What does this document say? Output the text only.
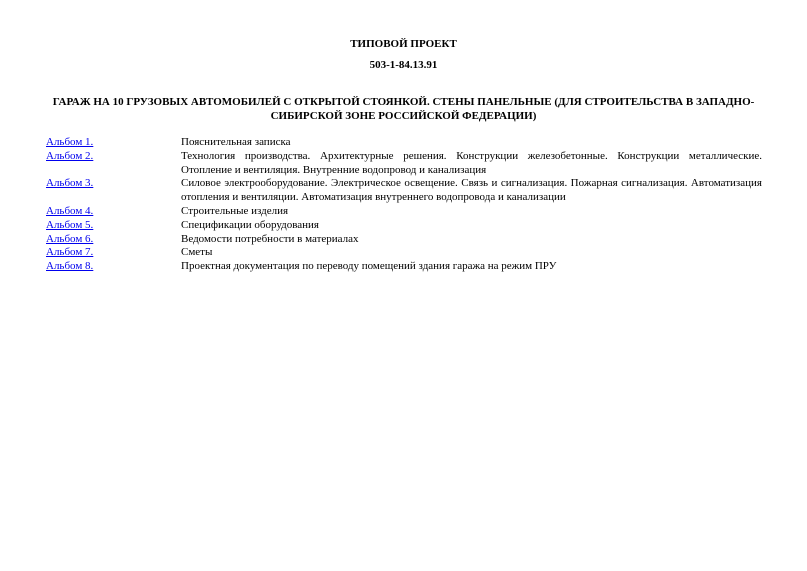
ТИПОВОЙ ПРОЕКТ
503-1-84.13.91
ГАРАЖ НА 10 ГРУЗОВЫХ АВТОМОБИЛЕЙ С ОТКРЫТОЙ СТОЯНКОЙ. СТЕНЫ ПАНЕЛЬНЫЕ (ДЛЯ СТРОИТЕЛЬСТВА В ЗАПАДНО-СИБИРСКОЙ ЗОНЕ РОССИЙСКОЙ ФЕДЕРАЦИИ)
Альбом 1.	Пояснительная записка
Альбом 2.	Технология производства. Архитектурные решения. Конструкции железобетонные. Конструкции металлические. Отопление и вентиляция. Внутренние водопровод и канализация
Альбом 3.	Силовое электрооборудование. Электрическое освещение. Связь и сигнализация. Пожарная сигнализация. Автоматизация отопления и вентиляции. Автоматизация внутреннего водопровода и канализации
Альбом 4.	Строительные изделия
Альбом 5.	Спецификации оборудования
Альбом 6.	Ведомости потребности в материалах
Альбом 7.	Сметы
Альбом 8.	Проектная документация по переводу помещений здания гаража на режим ПРУ
